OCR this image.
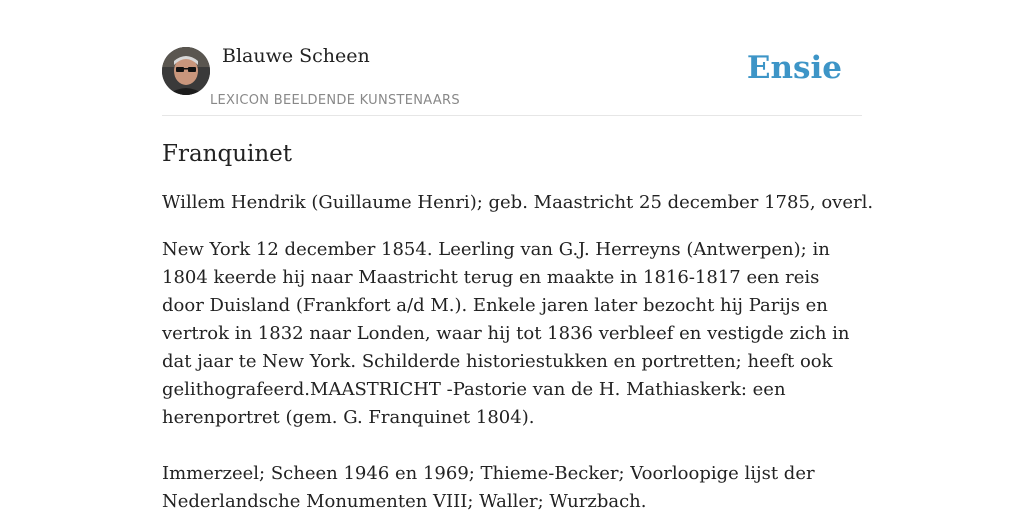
Blauwe Scheen
LEXICON BEELDENDE KUNSTENAARS
Ensie
Franquinet

Willem Hendrik (Guillaume Henri); geb. Maastricht 25 december 1785, overl.

New York 12 december 1854. Leerling van G.J. Herreyns (Antwerpen); in 1804 keerde hij naar Maastricht terug en maakte in 1816-1817 een reis door Duisland (Frankfort a/d M.). Enkele jaren later bezocht hij Parijs en vertrok in 1832 naar Londen, waar hij tot 1836 verbleef en vestigde zich in dat jaar te New York. Schilderde historiestukken en portretten; heeft ook gelithografeerd.MAASTRICHT -Pastorie van de H. Mathiaskerk: een herenportret (gem. G. Franquinet 1804).

Immerzeel; Scheen 1946 en 1969; Thieme-Becker; Voorloopige lijst der Nederlandsche Monumenten VIII; Waller; Wurzbach.
